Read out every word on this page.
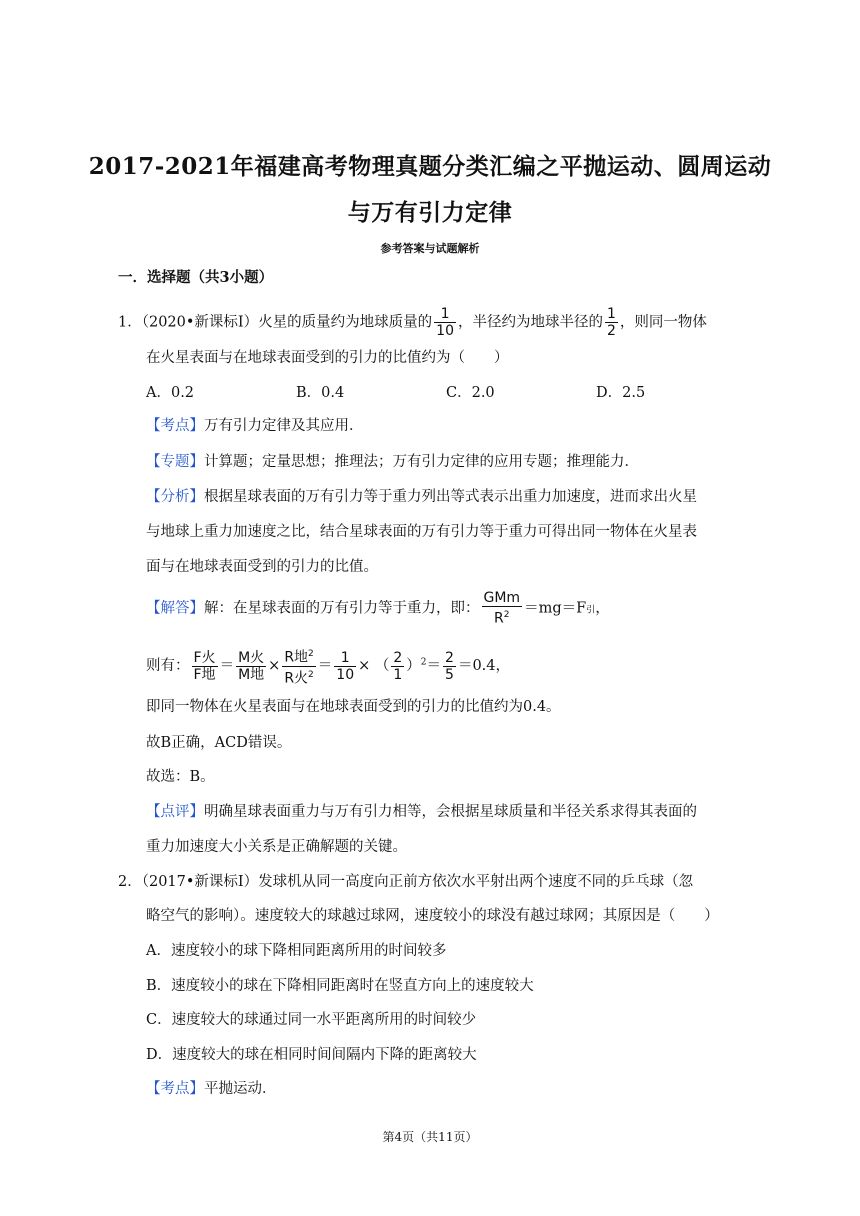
2017-2021年福建高考物理真题分类汇编之平抛运动、圆周运动
与万有引力定律
参考答案与试题解析
一．选择题（共3小题）
1．（2020•新课标Ⅰ）火星的质量约为地球质量的 $\frac{1}{10}$ ，半径约为地球半径的 $\frac{1}{2}$ ，则同一物体
在火星表面与在地球表面受到的引力的比值约为（　　）
A．0.2	B．0.4	C．2.0	D．2.5
【考点】万有引力定律及其应用．
【专题】计算题；定量思想；推理法；万有引力定律的应用专题；推理能力．
【分析】根据星球表面的万有引力等于重力列出等式表示出重力加速度，进而求出火星
与地球上重力加速度之比，结合星球表面的万有引力等于重力可得出同一物体在火星表
面与在地球表面受到的引力的比值。
【解答】解：在星球表面的万有引力等于重力，即： $\frac{\text{GMm}}{R^2} =mg=F$引，
则有： $\frac{\text{F火}}{\text{F地}} = \frac{\text{M火}}{\text{M地}} \times \frac{R地^2}{R火^2} = \frac{1}{10}$ × （ $\frac{2}{1} )^2= \frac{2}{5} =0.4$，
即同一物体在火星表面与在地球表面受到的引力的比值约为0.4。
故B正确，ACD错误。
故选：B。
【点评】明确星球表面重力与万有引力相等，会根据星球质量和半径关系求得其表面的
重力加速度大小关系是正确解题的关键。
2．（2017•新课标Ⅰ）发球机从同一高度向正前方依次水平射出两个速度不同的乒乓球（忽
略空气的影响）。速度较大的球越过球网，速度较小的球没有越过球网；其原因是（　　）
A．速度较小的球下降相同距离所用的时间较多
B．速度较小的球在下降相同距离时在竖直方向上的速度较大
C．速度较大的球通过同一水平距离所用的时间较少
D．速度较大的球在相同时间间隔内下降的距离较大
【考点】平抛运动．
第4页（共11页）
